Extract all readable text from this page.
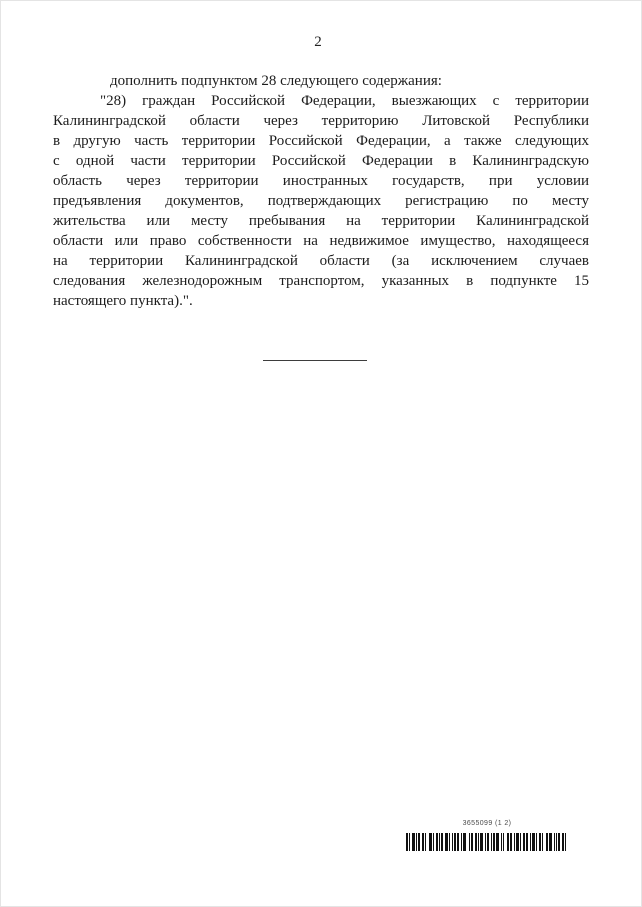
2
дополнить подпунктом 28 следующего содержания:
"28) граждан Российской Федерации, выезжающих с территории
Калининградской области через территорию Литовской Республики
в другую часть территории Российской Федерации, а также следующих
с одной части территории Российской Федерации в Калининградскую
область через территории иностранных государств, при условии
предъявления документов, подтверждающих регистрацию по месту
жительства или месту пребывания на территории Калининградской
области или право собственности на недвижимое имущество, находящееся
на территории Калининградской области (за исключением случаев
следования железнодорожным транспортом, указанных в подпункте 15
настоящего пункта).".
3655099 (1 2)
